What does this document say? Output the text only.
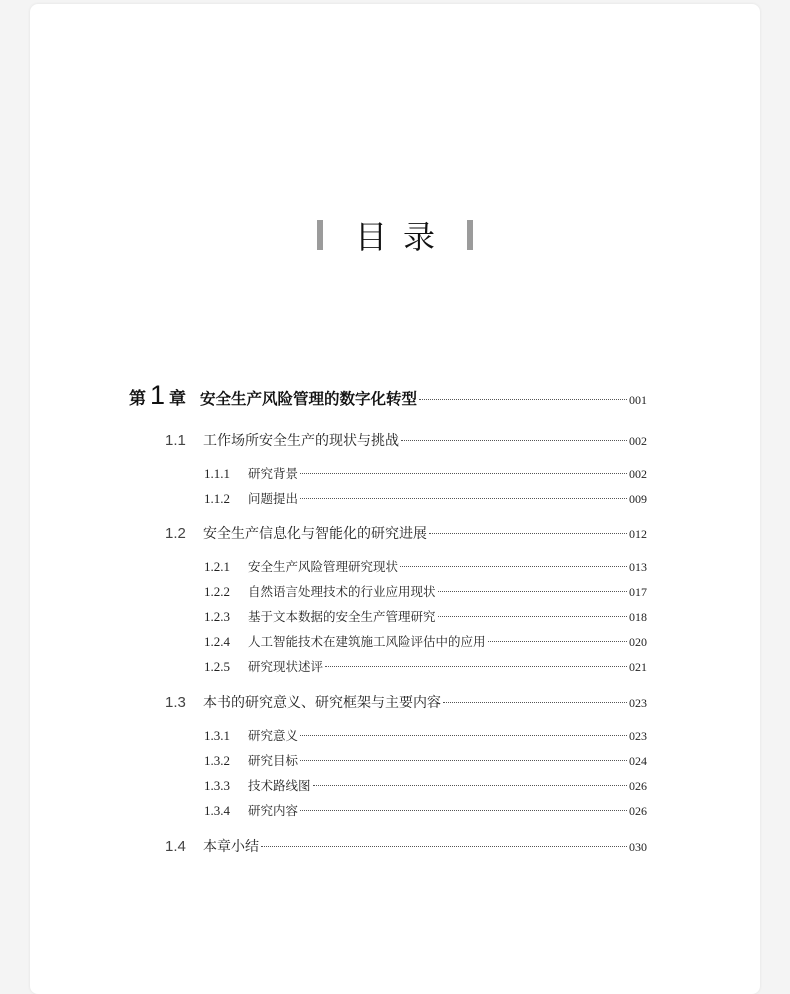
目录
第 1 章 安全生产风险管理的数字化转型	001
1.1	工作场所安全生产的现状与挑战	002
1.1.1	研究背景	002
1.1.2	问题提出	009
1.2	安全生产信息化与智能化的研究进展	012
1.2.1	安全生产风险管理研究现状	013
1.2.2	自然语言处理技术的行业应用现状	017
1.2.3	基于文本数据的安全生产管理研究	018
1.2.4	人工智能技术在建筑施工风险评估中的应用	020
1.2.5	研究现状述评	021
1.3	本书的研究意义、研究框架与主要内容	023
1.3.1	研究意义	023
1.3.2	研究目标	024
1.3.3	技术路线图	026
1.3.4	研究内容	026
1.4	本章小结	030
